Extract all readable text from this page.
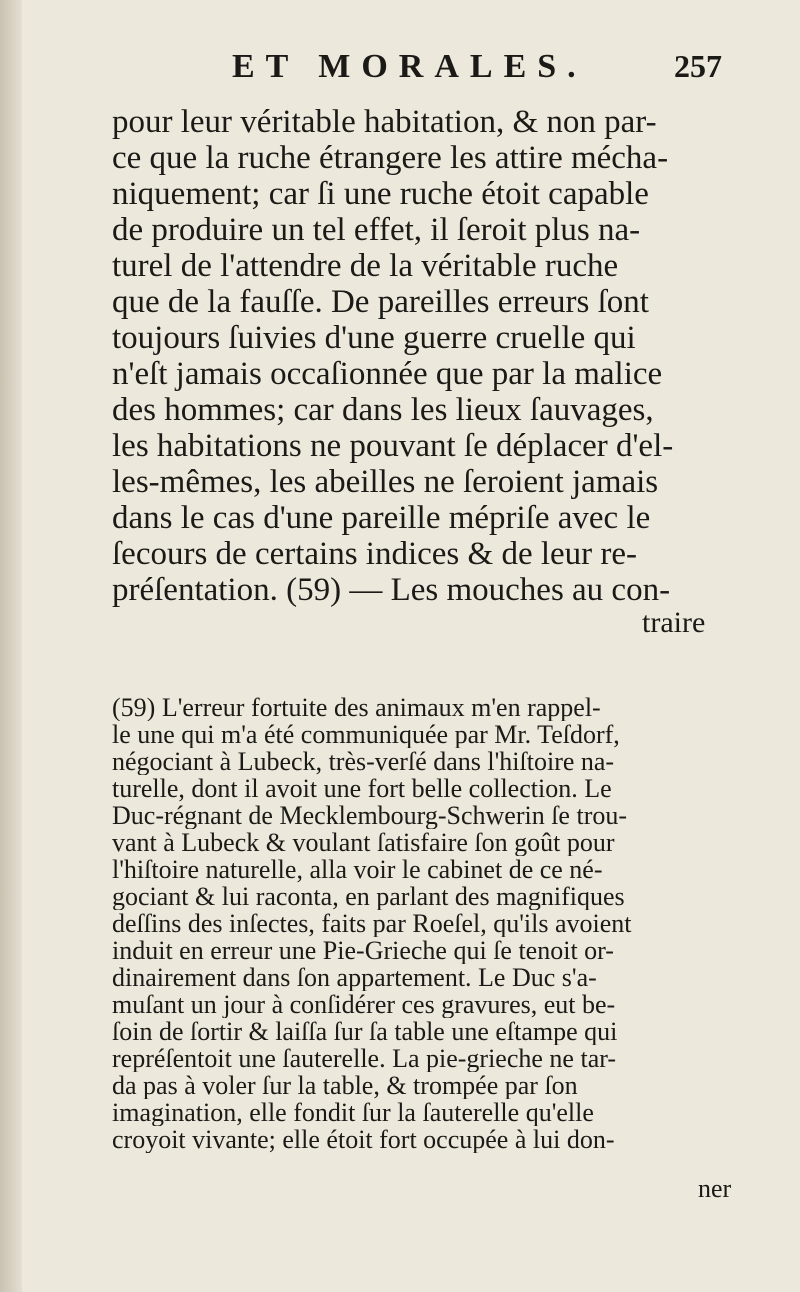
ET MORALES.	257
pour leur véritable habitation, & non par-
ce que la ruche étrangere les attire mécha-
niquement; car ſi une ruche étoit capable
de produire un tel effet, il ſeroit plus na-
turel de l'attendre de la véritable ruche
que de la fauſſe. De pareilles erreurs ſont
toujours ſuivies d'une guerre cruelle qui
n'eſt jamais occaſionnée que par la malice
des hommes; car dans les lieux ſauvages,
les habitations ne pouvant ſe déplacer d'el-
les-mêmes, les abeilles ne ſeroient jamais
dans le cas d'une pareille mépriſe avec le
ſecours de certains indices & de leur re-
préſentation. (59) — Les mouches au con-
traire
(59) L'erreur fortuite des animaux m'en rappel-
le une qui m'a été communiquée par Mr. Teſdorf,
négociant à Lubeck, très-verſé dans l'hiſtoire na-
turelle, dont il avoit une fort belle collection. Le
Duc-régnant de Mecklembourg-Schwerin ſe trou-
vant à Lubeck & voulant ſatisfaire ſon goût pour
l'hiſtoire naturelle, alla voir le cabinet de ce né-
gociant & lui raconta, en parlant des magnifiques
deſſins des inſectes, faits par Roeſel, qu'ils avoient
induit en erreur une Pie-Grieche qui ſe tenoit or-
dinairement dans ſon appartement. Le Duc s'a-
muſant un jour à conſidérer ces gravures, eut be-
ſoin de ſortir & laiſſa ſur ſa table une eſtampe qui
repréſentoit une ſauterelle. La pie-grieche ne tar-
da pas à voler ſur la table, & trompée par ſon
imagination, elle fondit ſur la ſauterelle qu'elle
croyoit vivante; elle étoit fort occupée à lui don-
ner
